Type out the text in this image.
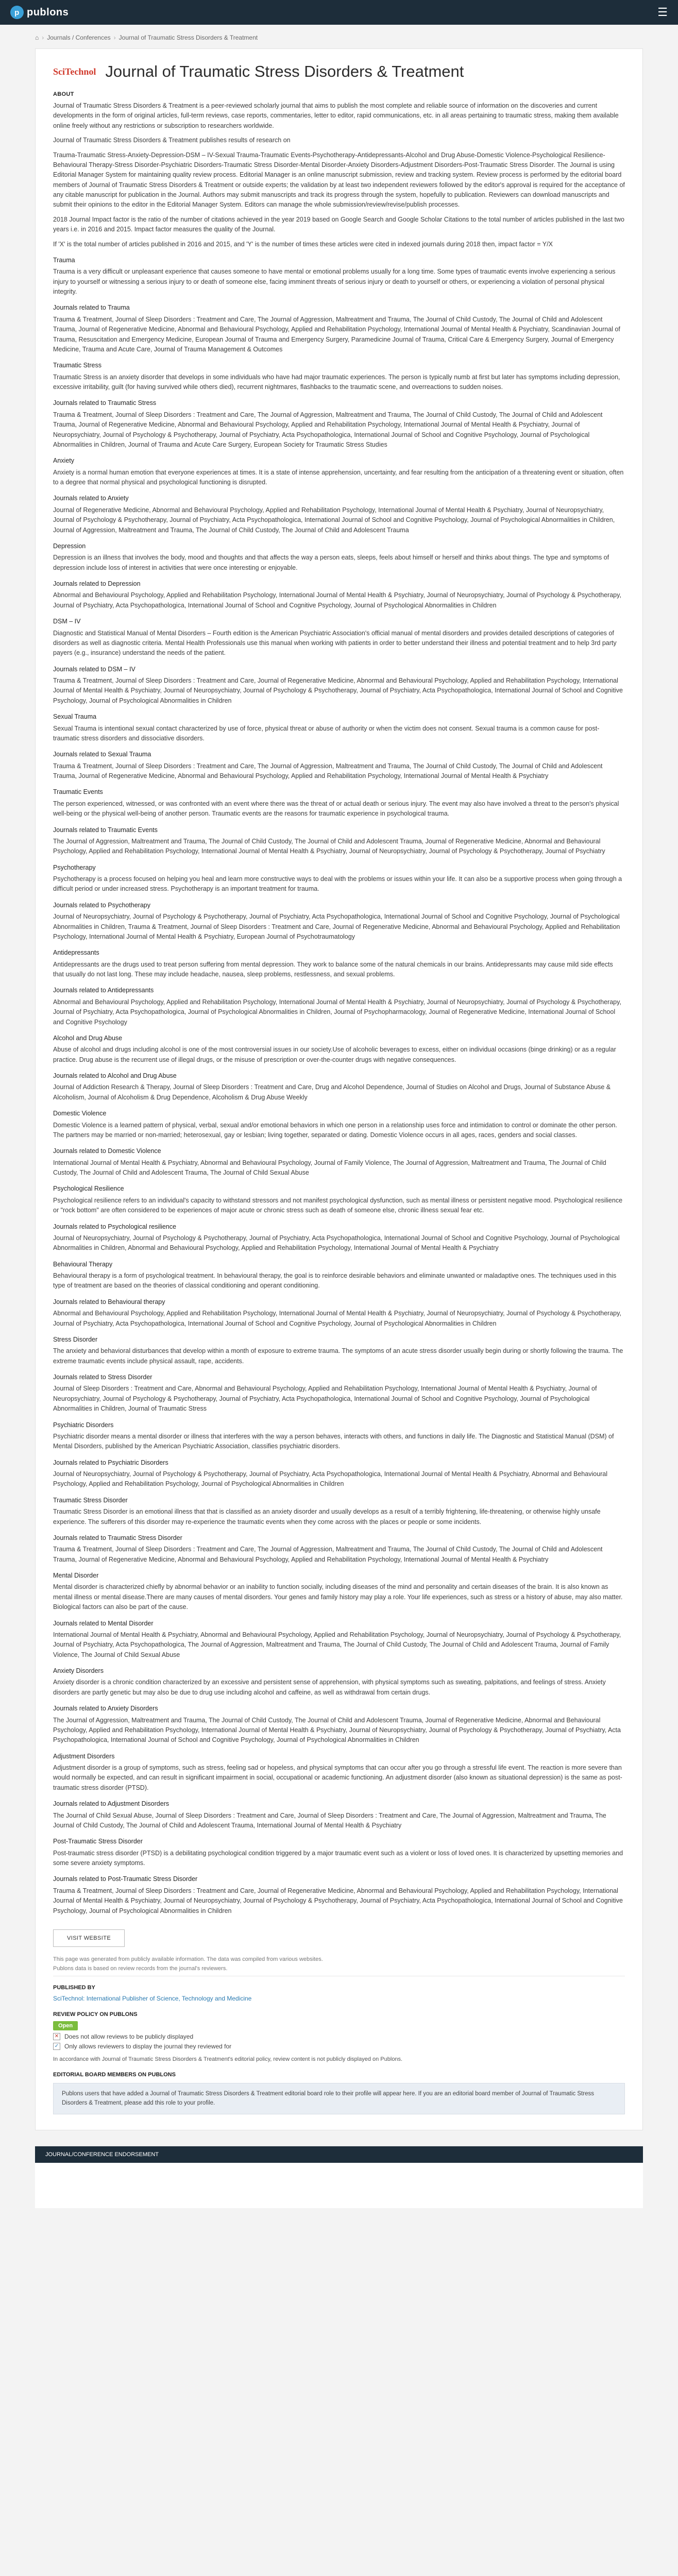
p publons	☰
⌂ › Journals / Conferences › Journal of Traumatic Stress Disorders & Treatment
SciTechnol Journal of Traumatic Stress Disorders & Treatment
ABOUT

Journal of Traumatic Stress Disorders & Treatment is a peer-reviewed scholarly journal that aims to publish the most complete and reliable source of information on the discoveries and current developments in the form of original articles, full-term reviews, case reports, commentaries, letter to editor, rapid communications, etc. in all areas pertaining to traumatic stress, making them available online freely without any restrictions or subscription to researchers worldwide.

Journal of Traumatic Stress Disorders & Treatment publishes results of research on

Trauma-Traumatic Stress-Anxiety-Depression-DSM – IV-Sexual Trauma-Traumatic Events-Psychotherapy-Antidepressants-Alcohol and Drug Abuse-Domestic Violence-Psychological Resilience-Behavioural Therapy-Stress Disorder-Psychiatric Disorders-Traumatic Stress Disorder-Mental Disorder-Anxiety Disorders-Adjustment Disorders-Post-Traumatic Stress Disorder. The Journal is using Editorial Manager System for maintaining quality review process. Editorial Manager is an online manuscript submission, review and tracking system. Review process is performed by the editorial board members of Journal of Traumatic Stress Disorders & Treatment or outside experts; the validation by at least two independent reviewers followed by the editor's approval is required for the acceptance of any citable manuscript for publication in the Journal. Authors may submit manuscripts and track its progress through the system, hopefully to publication. Reviewers can download manuscripts and submit their opinions to the editor in the Editorial Manager System. Editors can manage the whole submission/review/revise/publish processes.

2018 Journal Impact factor is the ratio of the number of citations achieved in the year 2019 based on Google Search and Google Scholar Citations to the total number of articles published in the last two years i.e. in 2016 and 2015. Impact factor measures the quality of the Journal.

If 'X' is the total number of articles published in 2016 and 2015, and 'Y' is the number of times these articles were cited in indexed journals during 2018 then, impact factor = Y/X

Trauma

Trauma is a very difficult or unpleasant experience that causes someone to have mental or emotional problems usually for a long time. Some types of traumatic events involve experiencing a serious injury to yourself or witnessing a serious injury to or death of someone else, facing imminent threats of serious injury or death to yourself or others, or experiencing a violation of personal physical integrity.

Journals related to Trauma

Trauma & Treatment, Journal of Sleep Disorders : Treatment and Care, The Journal of Aggression, Maltreatment and Trauma, The Journal of Child Custody, The Journal of Child and Adolescent Trauma, Journal of Regenerative Medicine, Abnormal and Behavioural Psychology, Applied and Rehabilitation Psychology, International Journal of Mental Health & Psychiatry, Scandinavian Journal of Trauma, Resuscitation and Emergency Medicine, European Journal of Trauma and Emergency Surgery, Paramedicine Journal of Trauma, Critical Care & Emergency Surgery, Journal of Emergency Medicine, Trauma and Acute Care, Journal of Trauma Management & Outcomes

Traumatic Stress

Traumatic Stress is an anxiety disorder that develops in some individuals who have had major traumatic experiences. The person is typically numb at first but later has symptoms including depression, excessive irritability, guilt (for having survived while others died), recurrent nightmares, flashbacks to the traumatic scene, and overreactions to sudden noises.

Journals related to Traumatic Stress

Trauma & Treatment, Journal of Sleep Disorders : Treatment and Care, The Journal of Aggression, Maltreatment and Trauma, The Journal of Child Custody, The Journal of Child and Adolescent Trauma, Journal of Regenerative Medicine, Abnormal and Behavioural Psychology, Applied and Rehabilitation Psychology, International Journal of Mental Health & Psychiatry, Journal of Neuropsychiatry, Journal of Psychology & Psychotherapy, Journal of Psychiatry, Acta Psychopathologica, International Journal of School and Cognitive Psychology, Journal of Psychological Abnormalities in Children, Journal of Trauma and Acute Care Surgery, European Society for Traumatic Stress Studies

Anxiety

Anxiety is a normal human emotion that everyone experiences at times. It is a state of intense apprehension, uncertainty, and fear resulting from the anticipation of a threatening event or situation, often to a degree that normal physical and psychological functioning is disrupted.

Journals related to Anxiety

Journal of Regenerative Medicine, Abnormal and Behavioural Psychology, Applied and Rehabilitation Psychology, International Journal of Mental Health & Psychiatry, Journal of Neuropsychiatry, Journal of Psychology & Psychotherapy, Journal of Psychiatry, Acta Psychopathologica, International Journal of School and Cognitive Psychology, Journal of Psychological Abnormalities in Children, Journal of Aggression, Maltreatment and Trauma, The Journal of Child Custody, The Journal of Child and Adolescent Trauma

Depression

Depression is an illness that involves the body, mood and thoughts and that affects the way a person eats, sleeps, feels about himself or herself and thinks about things. The type and symptoms of depression include loss of interest in activities that were once interesting or enjoyable.

Journals related to Depression

Abnormal and Behavioural Psychology, Applied and Rehabilitation Psychology, International Journal of Mental Health & Psychiatry, Journal of Neuropsychiatry, Journal of Psychology & Psychotherapy, Journal of Psychiatry, Acta Psychopathologica, International Journal of School and Cognitive Psychology, Journal of Psychological Abnormalities in Children

DSM – IV

Diagnostic and Statistical Manual of Mental Disorders – Fourth edition is the American Psychiatric Association's official manual of mental disorders and provides detailed descriptions of categories of disorders as well as diagnostic criteria. Mental Health Professionals use this manual when working with patients in order to better understand their illness and potential treatment and to help 3rd party payers (e.g., insurance) understand the needs of the patient.

Journals related to DSM – IV

Trauma & Treatment, Journal of Sleep Disorders : Treatment and Care, Journal of Regenerative Medicine, Abnormal and Behavioural Psychology, Applied and Rehabilitation Psychology, International Journal of Mental Health & Psychiatry, Journal of Neuropsychiatry, Journal of Psychology & Psychotherapy, Journal of Psychiatry, Acta Psychopathologica, International Journal of School and Cognitive Psychology, Journal of Psychological Abnormalities in Children

Sexual Trauma

Sexual Trauma is intentional sexual contact characterized by use of force, physical threat or abuse of authority or when the victim does not consent. Sexual trauma is a common cause for post-traumatic stress disorders and dissociative disorders.

Journals related to Sexual Trauma

Trauma & Treatment, Journal of Sleep Disorders : Treatment and Care, The Journal of Aggression, Maltreatment and Trauma, The Journal of Child Custody, The Journal of Child and Adolescent Trauma, Journal of Regenerative Medicine, Abnormal and Behavioural Psychology, Applied and Rehabilitation Psychology, International Journal of Mental Health & Psychiatry

Traumatic Events

The person experienced, witnessed, or was confronted with an event where there was the threat of or actual death or serious injury. The event may also have involved a threat to the person's physical well-being or the physical well-being of another person. Traumatic events are the reasons for traumatic experience in psychological trauma.

Journals related to Traumatic Events

The Journal of Aggression, Maltreatment and Trauma, The Journal of Child Custody, The Journal of Child and Adolescent Trauma, Journal of Regenerative Medicine, Abnormal and Behavioural Psychology, Applied and Rehabilitation Psychology, International Journal of Mental Health & Psychiatry, Journal of Neuropsychiatry, Journal of Psychology & Psychotherapy, Journal of Psychiatry

Psychotherapy

Psychotherapy is a process focused on helping you heal and learn more constructive ways to deal with the problems or issues within your life. It can also be a supportive process when going through a difficult period or under increased stress. Psychotherapy is an important treatment for trauma.

Journals related to Psychotherapy

Journal of Neuropsychiatry, Journal of Psychology & Psychotherapy, Journal of Psychiatry, Acta Psychopathologica, International Journal of School and Cognitive Psychology, Journal of Psychological Abnormalities in Children, Trauma & Treatment, Journal of Sleep Disorders : Treatment and Care, Journal of Regenerative Medicine, Abnormal and Behavioural Psychology, Applied and Rehabilitation Psychology, International Journal of Mental Health & Psychiatry, European Journal of Psychotraumatology

Antidepressants

Antidepressants are the drugs used to treat person suffering from mental depression. They work to balance some of the natural chemicals in our brains. Antidepressants may cause mild side effects that usually do not last long. These may include headache, nausea, sleep problems, restlessness, and sexual problems.

Journals related to Antidepressants

Abnormal and Behavioural Psychology, Applied and Rehabilitation Psychology, International Journal of Mental Health & Psychiatry, Journal of Neuropsychiatry, Journal of Psychology & Psychotherapy, Journal of Psychiatry, Acta Psychopathologica, Journal of Psychological Abnormalities in Children, Journal of Psychopharmacology, Journal of Regenerative Medicine, International Journal of School and Cognitive Psychology

Alcohol and Drug Abuse

Abuse of alcohol and drugs including alcohol is one of the most controversial issues in our society.Use of alcoholic beverages to excess, either on individual occasions (binge drinking) or as a regular practice. Drug abuse is the recurrent use of illegal drugs, or the misuse of prescription or over-the-counter drugs with negative consequences.

Journals related to Alcohol and Drug Abuse

Journal of Addiction Research & Therapy, Journal of Sleep Disorders : Treatment and Care, Drug and Alcohol Dependence, Journal of Studies on Alcohol and Drugs, Journal of Substance Abuse & Alcoholism, Journal of Alcoholism & Drug Dependence, Alcoholism & Drug Abuse Weekly

Domestic Violence

Domestic Violence is a learned pattern of physical, verbal, sexual and/or emotional behaviors in which one person in a relationship uses force and intimidation to control or dominate the other person. The partners may be married or non-married; heterosexual, gay or lesbian; living together, separated or dating. Domestic Violence occurs in all ages, races, genders and social classes.

Journals related to Domestic Violence

International Journal of Mental Health & Psychiatry, Abnormal and Behavioural Psychology, Journal of Family Violence, The Journal of Aggression, Maltreatment and Trauma, The Journal of Child Custody, The Journal of Child and Adolescent Trauma, The Journal of Child Sexual Abuse

Psychological Resilience

Psychological resilience refers to an individual's capacity to withstand stressors and not manifest psychological dysfunction, such as mental illness or persistent negative mood. Psychological resilience or "rock bottom" are often considered to be experiences of major acute or chronic stress such as death of someone else, chronic illness sexual fear etc.

Journals related to Psychological resilience

Journal of Neuropsychiatry, Journal of Psychology & Psychotherapy, Journal of Psychiatry, Acta Psychopathologica, International Journal of School and Cognitive Psychology, Journal of Psychological Abnormalities in Children, Abnormal and Behavioural Psychology, Applied and Rehabilitation Psychology, International Journal of Mental Health & Psychiatry

Behavioural Therapy

Behavioural therapy is a form of psychological treatment. In behavioural therapy, the goal is to reinforce desirable behaviors and eliminate unwanted or maladaptive ones. The techniques used in this type of treatment are based on the theories of classical conditioning and operant conditioning.

Journals related to Behavioural therapy

Abnormal and Behavioural Psychology, Applied and Rehabilitation Psychology, International Journal of Mental Health & Psychiatry, Journal of Neuropsychiatry, Journal of Psychology & Psychotherapy, Journal of Psychiatry, Acta Psychopathologica, International Journal of School and Cognitive Psychology, Journal of Psychological Abnormalities in Children

Stress Disorder

The anxiety and behavioral disturbances that develop within a month of exposure to extreme trauma. The symptoms of an acute stress disorder usually begin during or shortly following the trauma. The extreme traumatic events include physical assault, rape, accidents.

Journals related to Stress Disorder

Journal of Sleep Disorders : Treatment and Care, Abnormal and Behavioural Psychology, Applied and Rehabilitation Psychology, International Journal of Mental Health & Psychiatry, Journal of Neuropsychiatry, Journal of Psychology & Psychotherapy, Journal of Psychiatry, Acta Psychopathologica, International Journal of School and Cognitive Psychology, Journal of Psychological Abnormalities in Children, Journal of Traumatic Stress

Psychiatric Disorders

Psychiatric disorder means a mental disorder or illness that interferes with the way a person behaves, interacts with others, and functions in daily life. The Diagnostic and Statistical Manual (DSM) of Mental Disorders, published by the American Psychiatric Association, classifies psychiatric disorders.

Journals related to Psychiatric Disorders

Journal of Neuropsychiatry, Journal of Psychology & Psychotherapy, Journal of Psychiatry, Acta Psychopathologica, International Journal of Mental Health & Psychiatry, Abnormal and Behavioural Psychology, Applied and Rehabilitation Psychology, Journal of Psychological Abnormalities in Children

Traumatic Stress Disorder

Traumatic Stress Disorder is an emotional illness that that is classified as an anxiety disorder and usually develops as a result of a terribly frightening, life-threatening, or otherwise highly unsafe experience. The sufferers of this disorder may re-experience the traumatic events when they come across with the places or people or some incidents.

Journals related to Traumatic Stress Disorder

Trauma & Treatment, Journal of Sleep Disorders : Treatment and Care, The Journal of Aggression, Maltreatment and Trauma, The Journal of Child Custody, The Journal of Child and Adolescent Trauma, Journal of Regenerative Medicine, Abnormal and Behavioural Psychology, Applied and Rehabilitation Psychology, International Journal of Mental Health & Psychiatry

Mental Disorder

Mental disorder is characterized chiefly by abnormal behavior or an inability to function socially, including diseases of the mind and personality and certain diseases of the brain. It is also known as mental illness or mental disease.There are many causes of mental disorders. Your genes and family history may play a role. Your life experiences, such as stress or a history of abuse, may also matter. Biological factors can also be part of the cause.

Journals related to Mental Disorder

International Journal of Mental Health & Psychiatry, Abnormal and Behavioural Psychology, Applied and Rehabilitation Psychology, Journal of Neuropsychiatry, Journal of Psychology & Psychotherapy, Journal of Psychiatry, Acta Psychopathologica, The Journal of Aggression, Maltreatment and Trauma, The Journal of Child Custody, The Journal of Child and Adolescent Trauma, Journal of Family Violence, The Journal of Child Sexual Abuse

Anxiety Disorders

Anxiety disorder is a chronic condition characterized by an excessive and persistent sense of apprehension, with physical symptoms such as sweating, palpitations, and feelings of stress. Anxiety disorders are partly genetic but may also be due to drug use including alcohol and caffeine, as well as withdrawal from certain drugs.

Journals related to Anxiety Disorders

The Journal of Aggression, Maltreatment and Trauma, The Journal of Child Custody, The Journal of Child and Adolescent Trauma, Journal of Regenerative Medicine, Abnormal and Behavioural Psychology, Applied and Rehabilitation Psychology, International Journal of Mental Health & Psychiatry, Journal of Neuropsychiatry, Journal of Psychology & Psychotherapy, Journal of Psychiatry, Acta Psychopathologica, International Journal of School and Cognitive Psychology, Journal of Psychological Abnormalities in Children

Adjustment Disorders

Adjustment disorder is a group of symptoms, such as stress, feeling sad or hopeless, and physical symptoms that can occur after you go through a stressful life event. The reaction is more severe than would normally be expected, and can result in significant impairment in social, occupational or academic functioning. An adjustment disorder (also known as situational depression) is the same as post-traumatic stress disorder (PTSD).

Journals related to Adjustment Disorders

The Journal of Child Sexual Abuse, Journal of Sleep Disorders : Treatment and Care, Journal of Sleep Disorders : Treatment and Care, The Journal of Aggression, Maltreatment and Trauma, The Journal of Child Custody, The Journal of Child and Adolescent Trauma, International Journal of Mental Health & Psychiatry

Post-Traumatic Stress Disorder

Post-traumatic stress disorder (PTSD) is a debilitating psychological condition triggered by a major traumatic event such as a violent or loss of loved ones. It is characterized by upsetting memories and some severe anxiety symptoms.

Journals related to Post-Traumatic Stress Disorder

Trauma & Treatment, Journal of Sleep Disorders : Treatment and Care, Journal of Regenerative Medicine, Abnormal and Behavioural Psychology, Applied and Rehabilitation Psychology, International Journal of Mental Health & Psychiatry, Journal of Neuropsychiatry, Journal of Psychology & Psychotherapy, Journal of Psychiatry, Acta Psychopathologica, International Journal of School and Cognitive Psychology, Journal of Psychological Abnormalities in Children

VISIT WEBSITE
This page was generated from publicly available information. The data was compiled from various websites.
Publons data is based on review records from the journal's reviewers.
PUBLISHED BY
SciTechnol: International Publisher of Science, Technology and Medicine
REVIEW POLICY ON PUBLONS
Open
✕ Does not allow reviews to be publicly displayed
✓ Only allows reviewers to display the journal they reviewed for
In accordance with Journal of Traumatic Stress Disorders & Treatment's editorial policy, review content is not publicly displayed on Publons.
EDITORIAL BOARD MEMBERS ON PUBLONS
Publons users that have added a Journal of Traumatic Stress Disorders & Treatment editorial board role to their profile will appear here. If you are an editorial board member of Journal of Traumatic Stress Disorders & Treatment, please add this role to your profile.
JOURNAL/CONFERENCE ENDORSEMENT
